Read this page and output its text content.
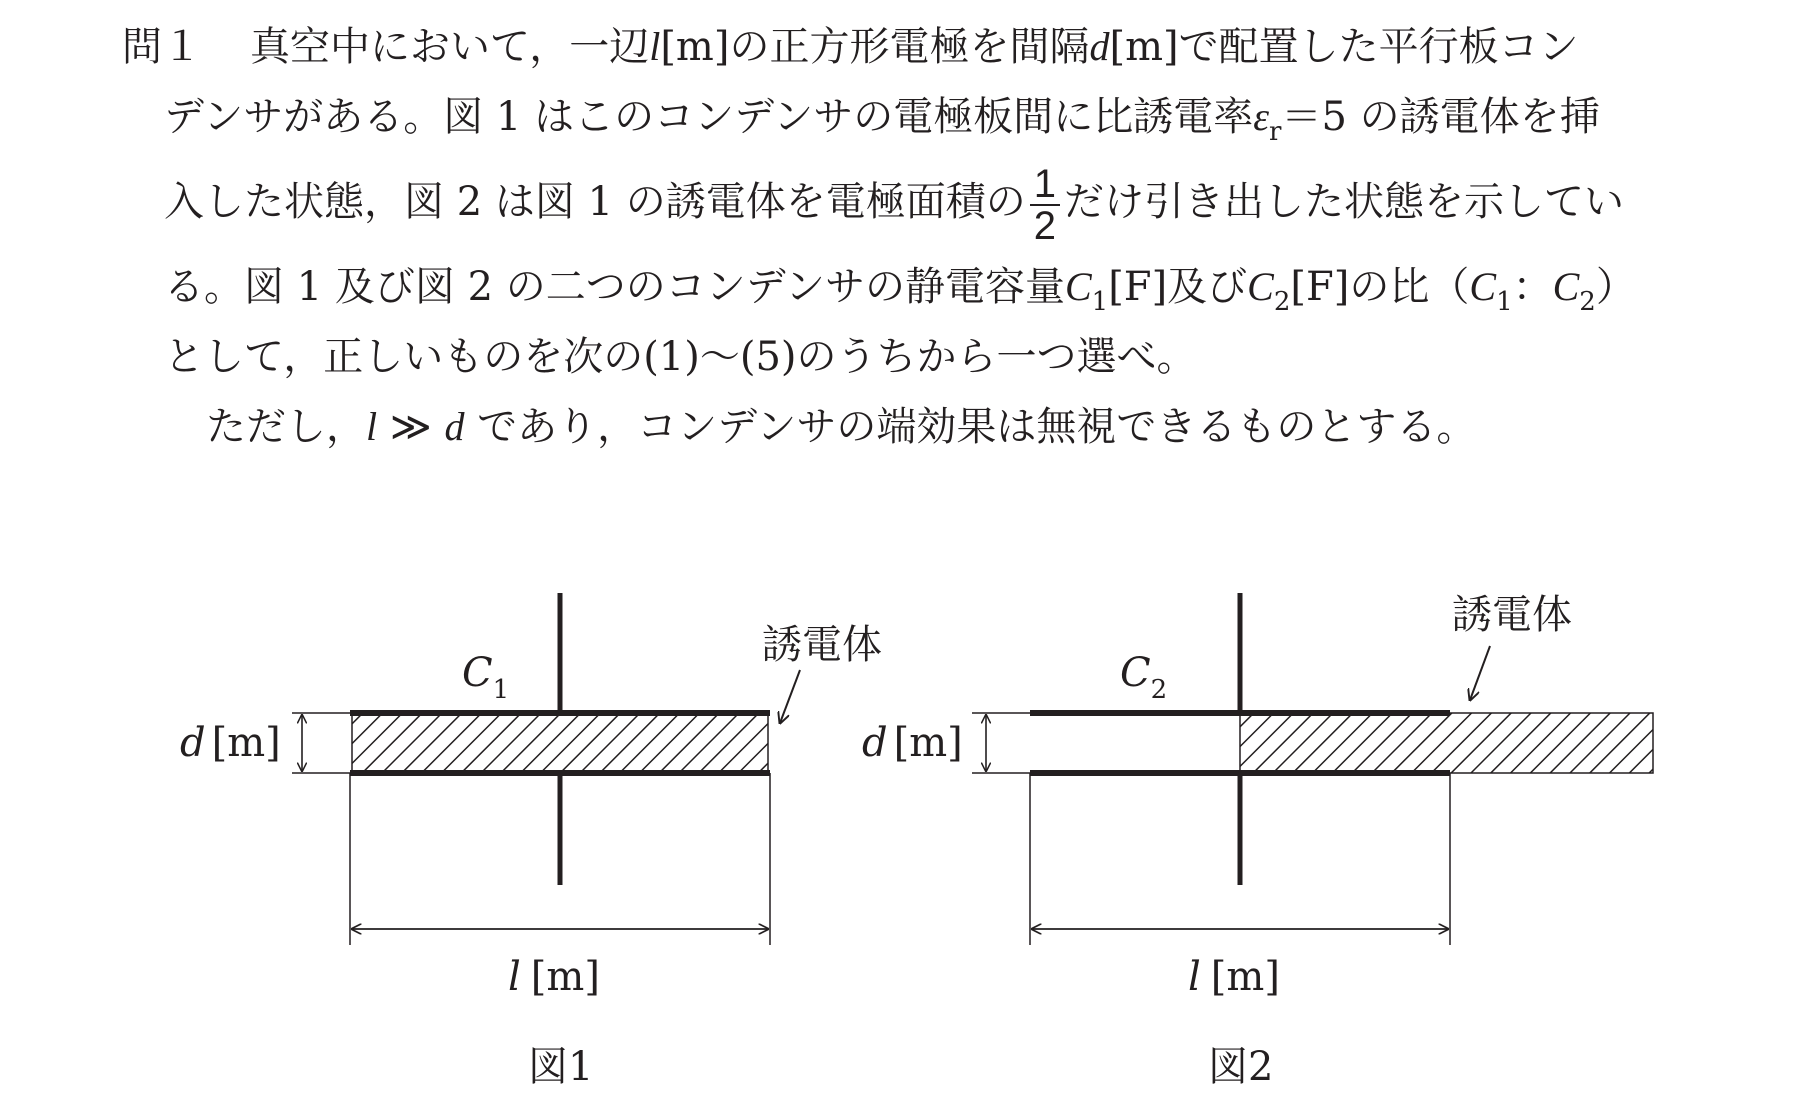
問１ 真空中において，一辺l[m]の正方形電極を間隔d[m]で配置した平行板コン
デンサがある。図 1 はこのコンデンサの電極板間に比誘電率$\varepsilon_r=5$ の誘電体を挿
入した状態，図 2 は図 1 の誘電体を電極面積の $\frac{1}{2}$ だけ引き出した状態を示してい
る。図 1 及び図 2 の二つのコンデンサの静電容量$C_1[F]$及び$C_2[F]$の比（$C_1$：$C_2$）
として，正しいものを次の(1)～(5)のうちから一つ選べ。
ただし，l ≫ d であり，コンデンサの端効果は無視できるものとする。
d [m]
$C_1$
誘電体
l [m]
図1
d [m]
$C_2$
誘電体
l [m]
図2
